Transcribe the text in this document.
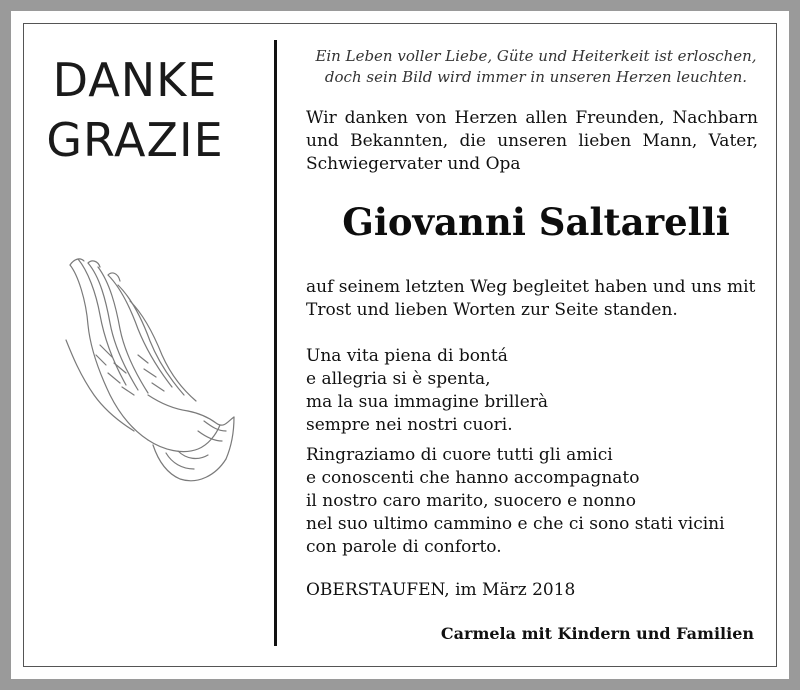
DANKE
GRAZIE
Ein Leben voller Liebe, Güte und Heiterkeit ist erloschen,
doch sein Bild wird immer in unseren Herzen leuchten.
Wir danken von Herzen allen Freunden, Nachbarn und Bekannten, die unseren lieben Mann, Vater, Schwiegervater und Opa
Giovanni Saltarelli
auf seinem letzten Weg begleitet haben und uns mit Trost und lieben Worten zur Seite standen.
Una vita piena di bontá
e allegria si è spenta,
ma la sua immagine brillerà
sempre nei nostri cuori.
Ringraziamo di cuore tutti gli amici
e conoscenti che hanno accompagnato
il nostro caro marito, suocero e nonno
nel suo ultimo cammino e che ci sono stati vicini
con parole di conforto.
OBERSTAUFEN, im März 2018
Carmela mit Kindern und Familien
